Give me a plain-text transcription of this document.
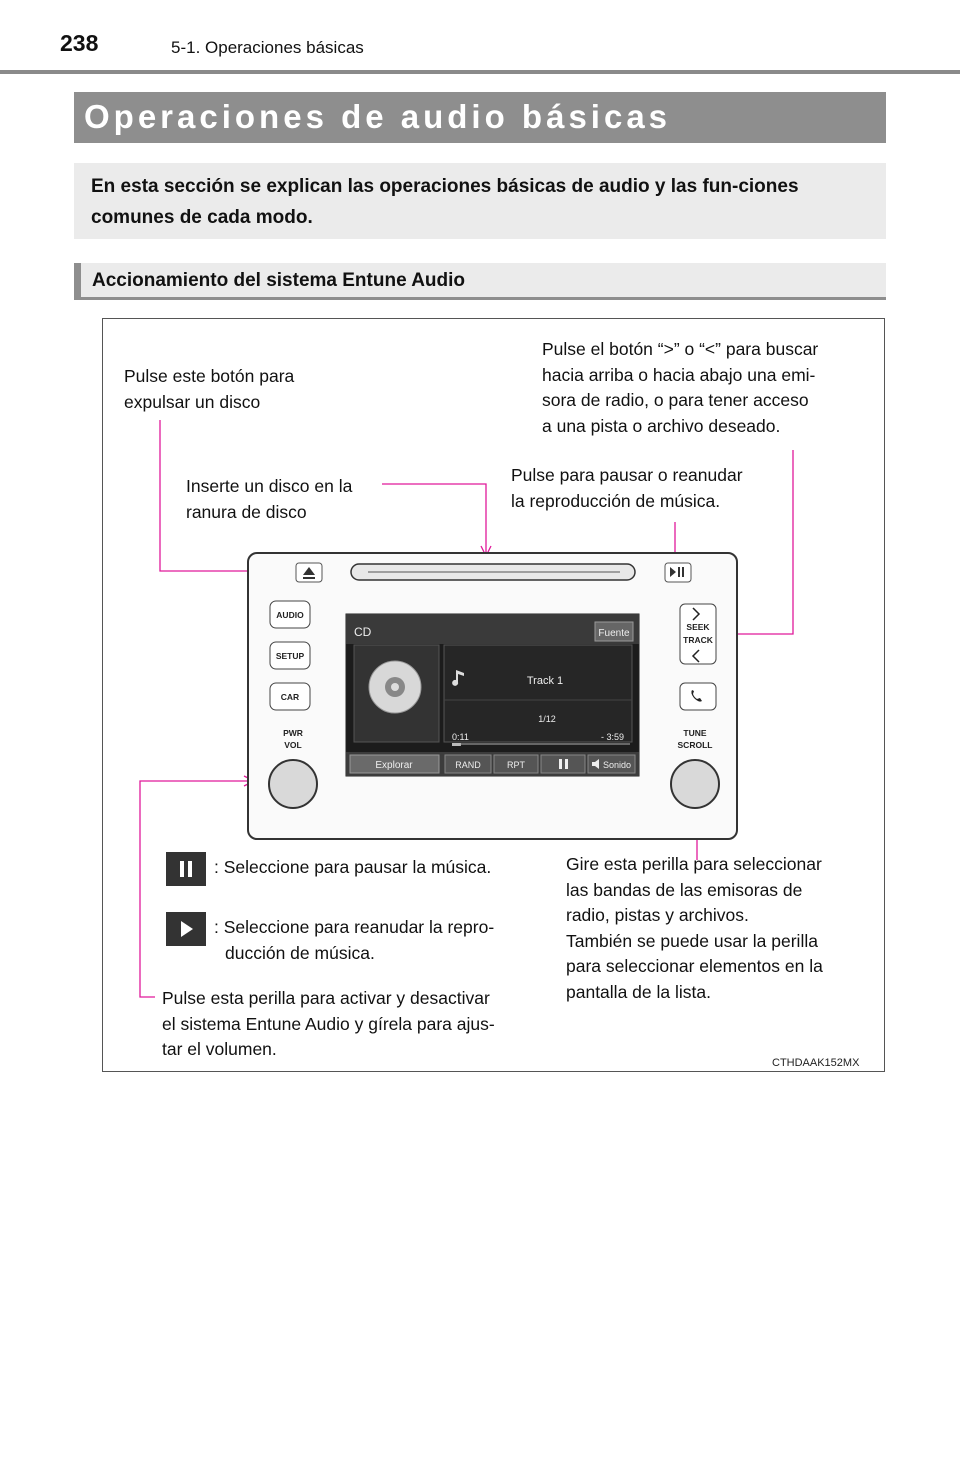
238	5-1. Operaciones básicas
Operaciones de audio básicas
En esta sección se explican las operaciones básicas de audio y las fun-ciones comunes de cada modo.
Accionamiento del sistema Entune Audio
AUDIO
SETUP
CAR
PWR
VOL
SEEK
TRACK
TUNE
SCROLL
CD	Fuente
Track 1
1/12
0:11	- 3:59
Explorar	RAND	RPT	Sonido
Pulse este botón para
expulsar un disco
Pulse el botón “>” o “<” para buscar
hacia arriba o hacia abajo una emi-
sora de radio, o para tener acceso
a una pista o archivo deseado.
Inserte un disco en la
ranura de disco
Pulse para pausar o reanudar
la reproducción de música.
: Seleccione para pausar la música.
: Seleccione para reanudar la repro-
ducción de música.
Gire esta perilla para seleccionar
las bandas de las emisoras de
radio, pistas y archivos.
También se puede usar la perilla
para seleccionar elementos en la
pantalla de la lista.
Pulse esta perilla para activar y desactivar
el sistema Entune Audio y gírela para ajus-
tar el volumen.
CTHDAAK152MX
